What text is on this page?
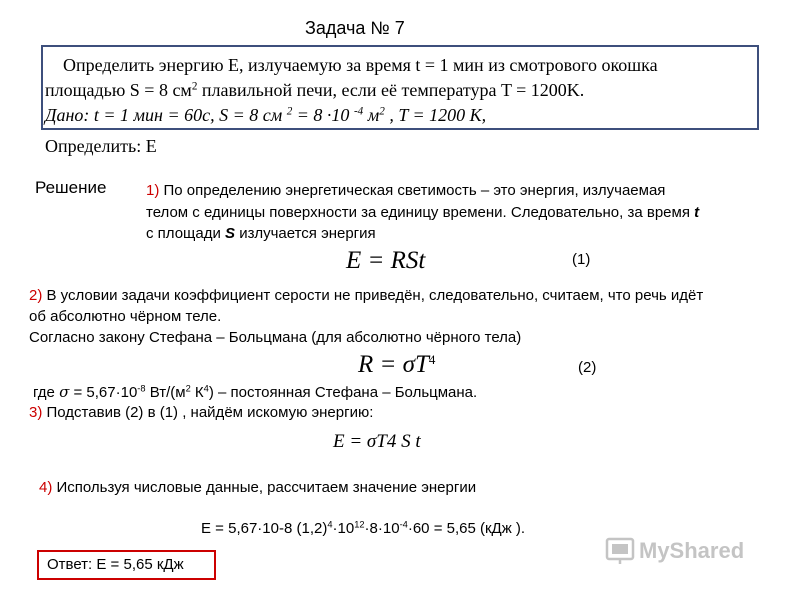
Задача № 7
Определить энергию E, излучаемую за время t = 1 мин из смотрового окошка
площадью S = 8 $см^2$ плавильной печи, если её температура T = 1200K.
Дано: t = 1 мин = 60с, S = 8 см $^2$ = 8 ·10 $^{-4}$ $м^2$ , T = 1200 K,
Определить: E
Решение	1) По определению энергетическая светимость – это энергия, излучаемая
телом с единицы поверхности за единицу времени. Следовательно, за время t
с площади S излучается энергия
E = RSt	(1)
2) В условии задачи коэффициент серости не приведён, следовательно, считаем, что речь идёт
об абсолютно чёрном теле.
Согласно закону Стефана – Больцмана (для абсолютно чёрного тела)
$R = \sigma T^4$	(2)
где $\sigma = 5,67\cdot 10^{-8}$ $Вт/(м^2$ $К^4$) – постоянная Стефана – Больцмана.
3) Подставив (2) в (1) , найдём искомую энергию:
E = σT4 S t
4) Используя числовые данные, рассчитаем значение энергии
E = 5,67·10-8 $(1,2)^4\cdot 10^{12}\cdot 8\cdot 10^{-4}\cdot 60 = 5,65$ (кДж ).
Ответ: E = 5,65 кДж
MyShared
